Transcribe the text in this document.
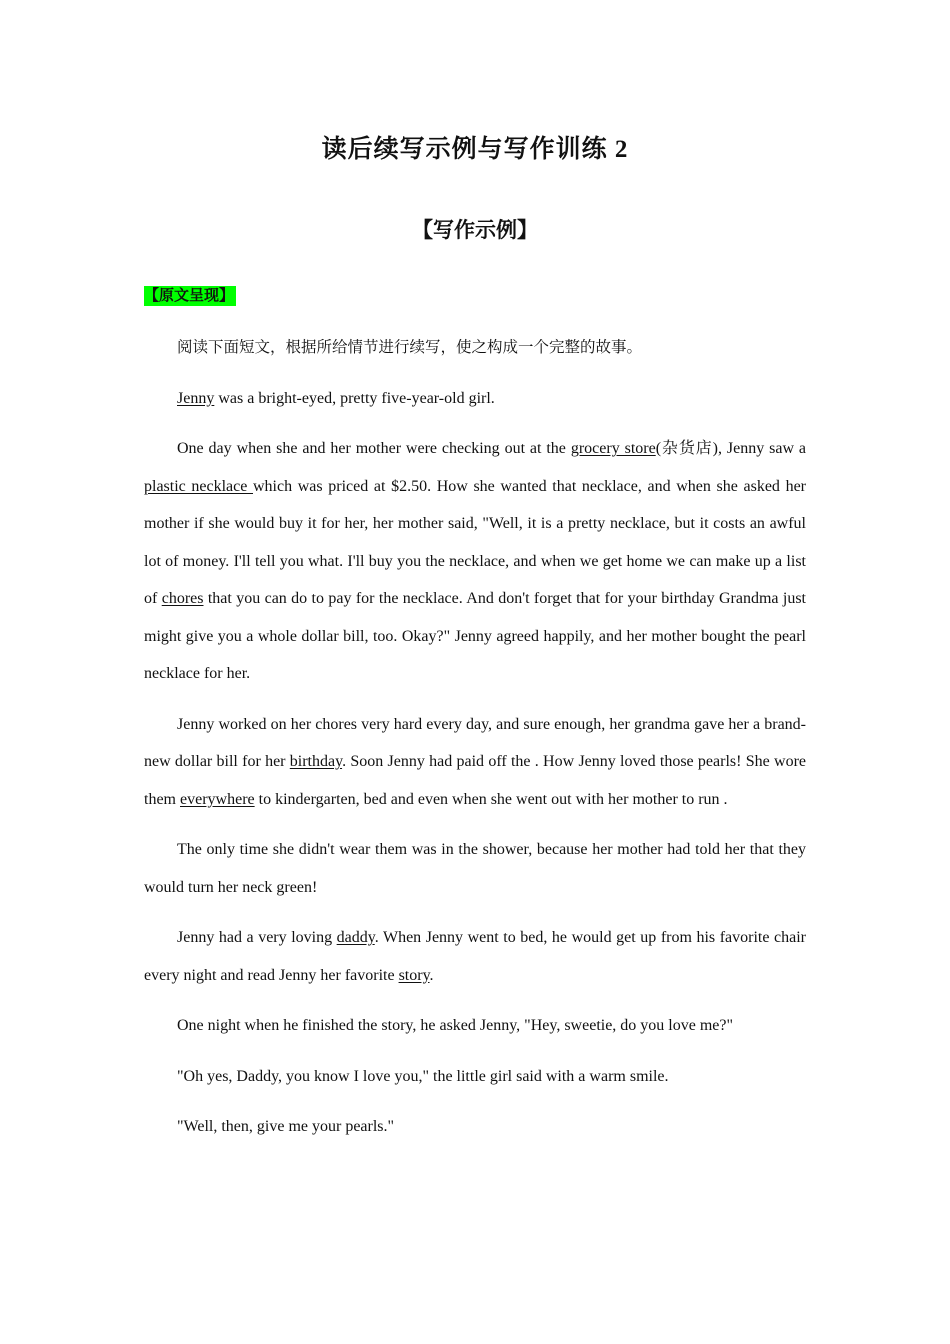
读后续写示例与写作训练 2
【写作示例】
【原文呈现】

阅读下面短文，根据所给情节进行续写，使之构成一个完整的故事。

Jenny was a bright-eyed, pretty five-year-old girl.

One day when she and her mother were checking out at the grocery store(杂货店), Jenny saw a plastic necklace which was priced at $2.50. How she wanted that necklace, and when she asked her mother if she would buy it for her, her mother said, "Well, it is a pretty necklace, but it costs an awful lot of money. I'll tell you what. I'll buy you the necklace, and when we get home we can make up a list of chores that you can do to pay for the necklace. And don't forget that for your birthday Grandma just might give you a whole dollar bill, too. Okay?" Jenny agreed happily, and her mother bought the pearl necklace for her.

Jenny worked on her chores very hard every day, and sure enough, her grandma gave her a brand-new dollar bill for her birthday. Soon Jenny had paid off the . How Jenny loved those pearls! She wore them everywhere to kindergarten, bed and even when she went out with her mother to run .

The only time she didn't wear them was in the shower, because her mother had told her that they would turn her neck green!

Jenny had a very loving daddy. When Jenny went to bed, he would get up from his favorite chair every night and read Jenny her favorite story.

One night when he finished the story, he asked Jenny, "Hey, sweetie, do you love me?"

"Oh yes, Daddy, you know I love you," the little girl said with a warm smile.

"Well, then, give me your pearls."
